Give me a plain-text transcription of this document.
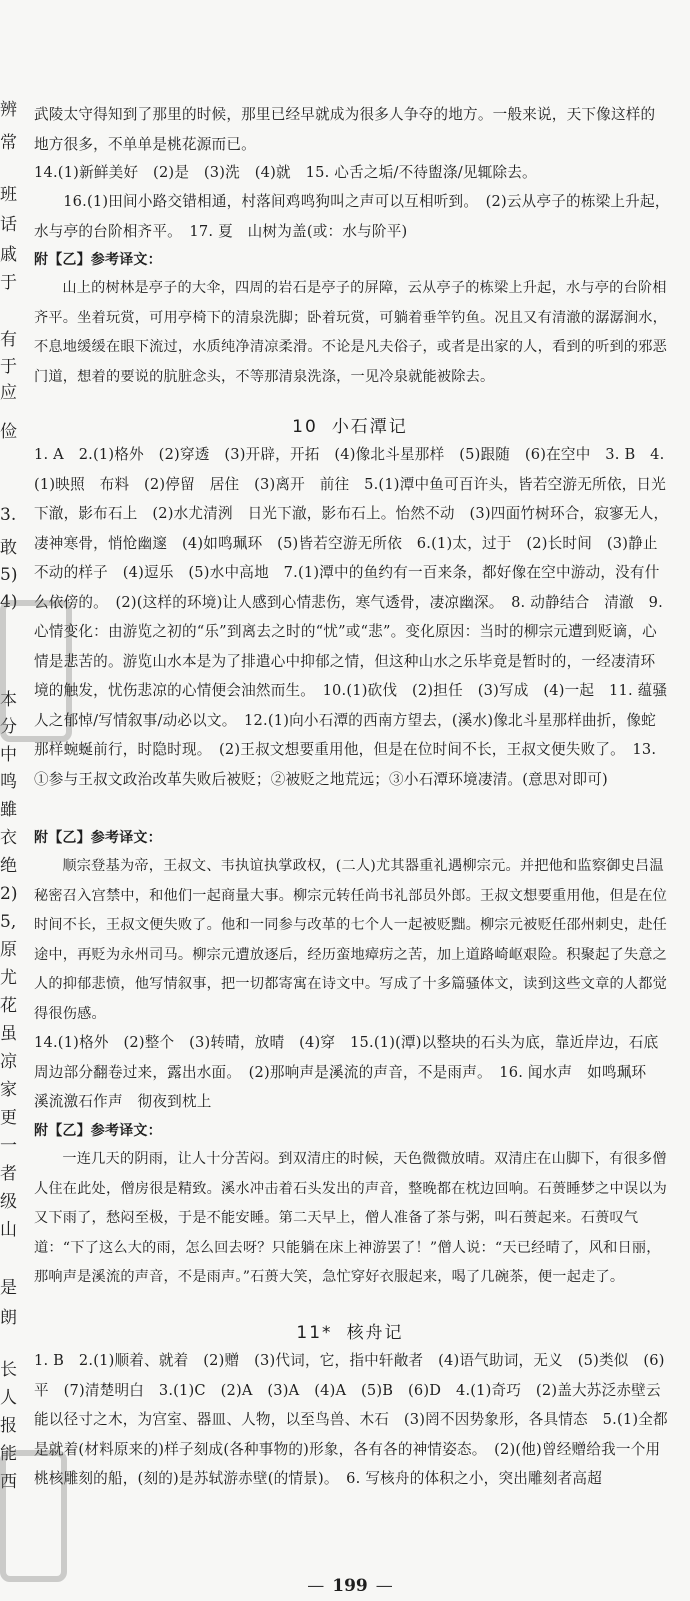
辨
常
班
话
戚
于
有
于
应
俭
3.
敢
5)
4)
本
分
中
鸣
雖
衣
绝
2)
5,
原
尤
花
虽
凉
家
更
一
者
级
山
是
朗
长
人
报
能
西

武陵太守得知到了那里的时候，那里已经早就成为很多人争夺的地方。一般来说，天下像这样的地方很多，不单单是桃花源而已。

14.(1)新鲜美好　(2)是　(3)洗　(4)就　15. 心舌之垢/不待盥涤/见辄除去。

16.(1)田间小路交错相通，村落间鸡鸣狗叫之声可以互相听到。　(2)云从亭子的栋梁上升起，水与亭的台阶相齐平。　17. 夏　山树为盖(或：水与阶平)

附【乙】参考译文：

山上的树林是亭子的大伞，四周的岩石是亭子的屏障，云从亭子的栋梁上升起，水与亭的台阶相齐平。坐着玩赏，可用亭椅下的清泉洗脚；卧着玩赏，可躺着垂竿钓鱼。况且又有清澈的潺潺涧水，不息地缓缓在眼下流过，水质纯净清凉柔滑。不论是凡夫俗子，或者是出家的人，看到的听到的邪恶门道，想着的要说的肮脏念头，不等那清泉洗涤，一见冷泉就能被除去。

10 小石潭记

1. A　2.(1)格外　(2)穿透　(3)开辟，开拓　(4)像北斗星那样　(5)跟随　(6)在空中　3. B　4.(1)映照　布料　(2)停留　居住　(3)离开　前往　5.(1)潭中鱼可百许头，皆若空游无所依，日光下澈，影布石上　(2)水尤清洌　日光下澈，影布石上。怡然不动　(3)四面竹树环合，寂寥无人，凄神寒骨，悄怆幽邃　(4)如鸣珮环　(5)皆若空游无所依　6.(1)太，过于　(2)长时间　(3)静止不动的样子　(4)逗乐　(5)水中高地　7.(1)潭中的鱼约有一百来条，都好像在空中游动，没有什么依傍的。　(2)(这样的环境)让人感到心情悲伤，寒气透骨，凄凉幽深。　8. 动静结合　清澈　9. 心情变化：由游览之初的“乐”到离去之时的“忧”或“悲”。变化原因：当时的柳宗元遭到贬谪，心情是悲苦的。游览山水本是为了排遣心中抑郁之情，但这种山水之乐毕竟是暂时的，一经凄清环境的触发，忧伤悲凉的心情便会油然而生。　10.(1)砍伐　(2)担任　(3)写成　(4)一起　11. 蕴骚人之郁悼/写情叙事/动必以文。　12.(1)向小石潭的西南方望去，(溪水)像北斗星那样曲折，像蛇那样蜿蜒前行，时隐时现。　(2)王叔文想要重用他，但是在位时间不长，王叔文便失败了。　13. ①参与王叔文政治改革失败后被贬；②被贬之地荒远；③小石潭环境凄清。(意思对即可)

附【乙】参考译文：

顺宗登基为帝，王叔文、韦执谊执掌政权，(二人)尤其器重礼遇柳宗元。并把他和监察御史吕温秘密召入宫禁中，和他们一起商量大事。柳宗元转任尚书礼部员外郎。王叔文想要重用他，但是在位时间不长，王叔文便失败了。他和一同参与改革的七个人一起被贬黜。柳宗元被贬任邵州刺史，赴任途中，再贬为永州司马。柳宗元遭放逐后，经历蛮地瘴疠之苦，加上道路崎岖艰险。积聚起了失意之人的抑郁悲愤，他写情叙事，把一切都寄寓在诗文中。写成了十多篇骚体文，读到这些文章的人都觉得很伤感。

14.(1)格外　(2)整个　(3)转晴，放晴　(4)穿　15.(1)(潭)以整块的石头为底，靠近岸边，石底周边部分翻卷过来，露出水面。　(2)那响声是溪流的声音，不是雨声。　16. 闻水声　如鸣珮环　溪流激石作声　彻夜到枕上

附【乙】参考译文：

一连几天的阴雨，让人十分苦闷。到双清庄的时候，天色微微放晴。双清庄在山脚下，有很多僧人住在此处，僧房很是精致。溪水冲击着石头发出的声音，整晚都在枕边回响。石蒉睡梦之中误以为又下雨了，愁闷至极，于是不能安睡。第二天早上，僧人准备了茶与粥，叫石蒉起来。石蒉叹气道：“下了这么大的雨，怎么回去呀？只能躺在床上神游罢了！”僧人说：“天已经晴了，风和日丽，那响声是溪流的声音，不是雨声。”石蒉大笑，急忙穿好衣服起来，喝了几碗茶，便一起走了。

11* 核舟记

1. B　2.(1)顺着、就着　(2)赠　(3)代词，它，指中轩敞者　(4)语气助词，无义　(5)类似　(6)平　(7)清楚明白　3.(1)C　(2)A　(3)A　(4)A　(5)B　(6)D　4.(1)奇巧　(2)盖大苏泛赤壁云　能以径寸之木，为宫室、器皿、人物，以至鸟兽、木石　(3)罔不因势象形，各具情态　5.(1)全都是就着(材料原来的)样子刻成(各种事物的)形象，各有各的神情姿态。　(2)(他)曾经赠给我一个用桃核雕刻的船，(刻的)是苏轼游赤壁(的情景)。　6. 写核舟的体积之小，突出雕刻者高超

— 199 —
